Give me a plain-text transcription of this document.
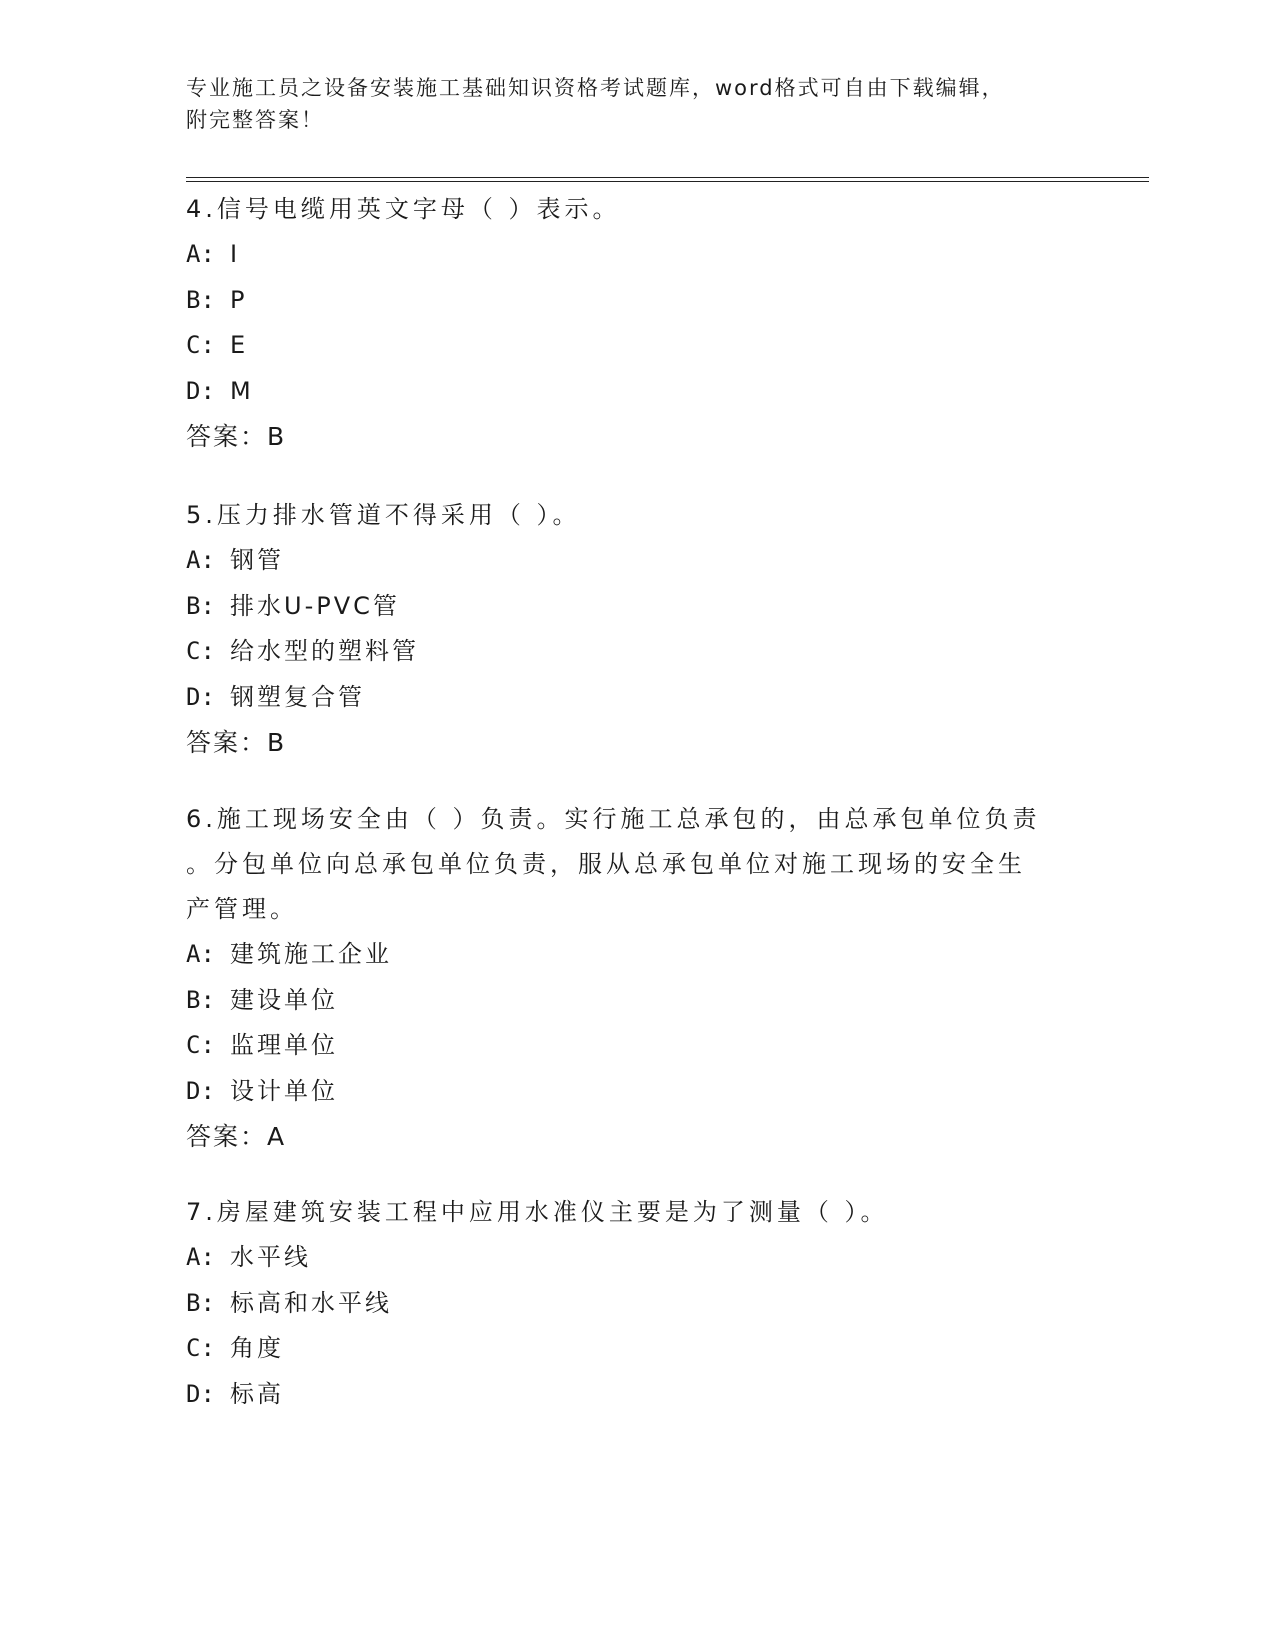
专业施工员之设备安装施工基础知识资格考试题库，word格式可自由下载编辑，
附完整答案！
4.信号电缆用英文字母（ ）表示。
A: I
B: P
C: E
D: M
答案：B
5.压力排水管道不得采用（ ）。
A: 钢管
B: 排水U-PVC管
C: 给水型的塑料管
D: 钢塑复合管
答案：B
6.施工现场安全由（ ）负责。实行施工总承包的，由总承包单位负责
。分包单位向总承包单位负责，服从总承包单位对施工现场的安全生
产管理。
A: 建筑施工企业
B: 建设单位
C: 监理单位
D: 设计单位
答案：A
7.房屋建筑安装工程中应用水准仪主要是为了测量（ ）。
A: 水平线
B: 标高和水平线
C: 角度
D: 标高
